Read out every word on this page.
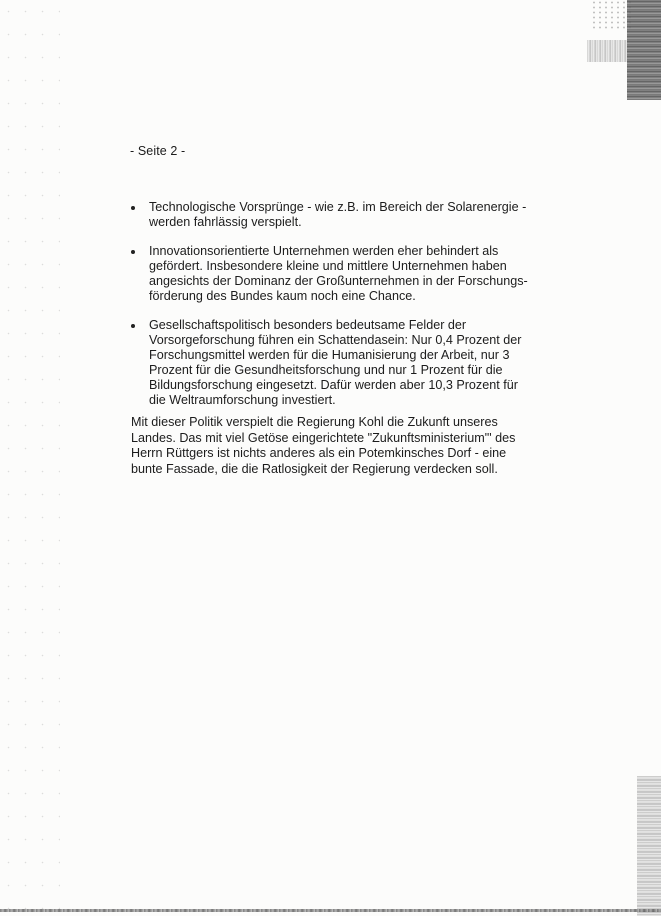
- Seite 2 -
Technologische Vorsprünge - wie z.B. im Bereich der Solarenergie -
werden fahrlässig verspielt.
Innovationsorientierte Unternehmen werden eher behindert als
gefördert. Insbesondere kleine und mittlere Unternehmen haben
angesichts der Dominanz der Großunternehmen in der Forschungs-
förderung des Bundes kaum noch eine Chance.
Gesellschaftspolitisch besonders bedeutsame Felder der
Vorsorgeforschung führen ein Schattendasein: Nur 0,4 Prozent der
Forschungsmittel werden für die Humanisierung der Arbeit, nur 3
Prozent für die Gesundheitsforschung und nur 1 Prozent für die
Bildungsforschung eingesetzt. Dafür werden aber 10,3 Prozent für
die Weltraumforschung investiert.
Mit dieser Politik verspielt die Regierung Kohl die Zukunft unseres
Landes. Das mit viel Getöse eingerichtete "Zukunftsministerium"' des
Herrn Rüttgers ist nichts anderes als ein Potemkinsches Dorf - eine
bunte Fassade, die die Ratlosigkeit der Regierung verdecken soll.
